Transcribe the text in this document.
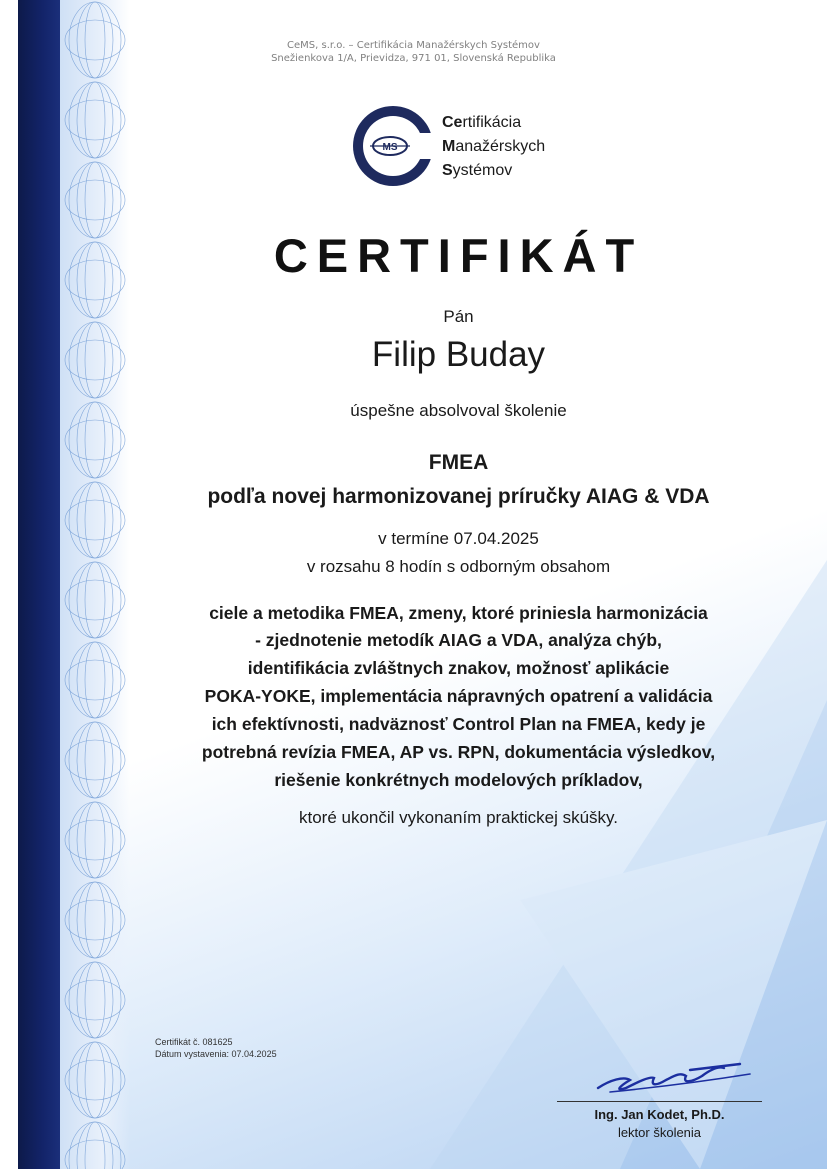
CeMS, s.r.o. – Certifikácia Manažérskych Systémov
Snežienkova 1/A, Prievidza, 971 01, Slovenská Republika
MS
Certifikácia
Manažérskych
Systémov
CERTIFIKÁT
Pán
Filip Buday
úspešne absolvoval školenie
FMEA
podľa novej harmonizovanej príručky AIAG & VDA
v termíne 07.04.2025
v rozsahu 8 hodín s odborným obsahom
ciele a metodika FMEA, zmeny, ktoré priniesla harmonizácia
- zjednotenie metodík AIAG a VDA, analýza chýb,
identifikácia zvláštnych znakov, možnosť aplikácie
POKA-YOKE, implementácia nápravných opatrení a validácia
ich efektívnosti, nadväznosť Control Plan na FMEA, kedy je
potrebná revízia FMEA, AP vs. RPN, dokumentácia výsledkov,
riešenie konkrétnych modelových príkladov,
ktoré ukončil vykonaním praktickej skúšky.
Certifikát č. 081625
Dátum vystavenia: 07.04.2025
Ing. Jan Kodet, Ph.D.
lektor školenia
